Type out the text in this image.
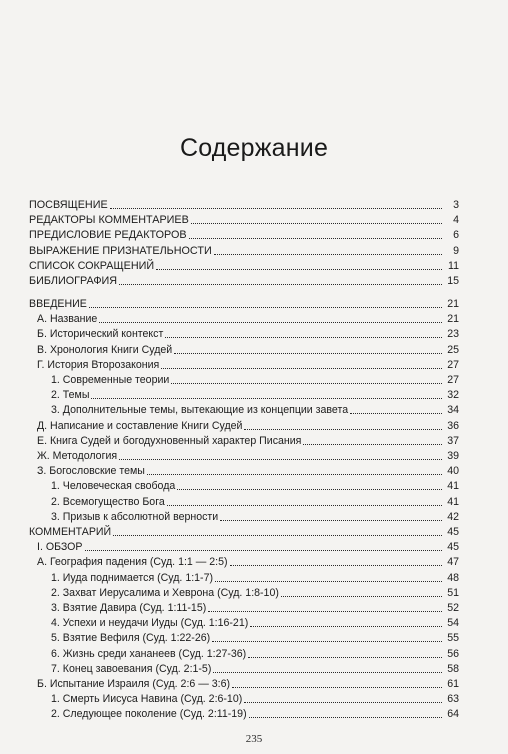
Содержание
ПОСВЯЩЕНИЕ	3
РЕДАКТОРЫ КОММЕНТАРИЕВ	4
ПРЕДИСЛОВИЕ РЕДАКТОРОВ	6
ВЫРАЖЕНИЕ ПРИЗНАТЕЛЬНОСТИ	9
СПИСОК СОКРАЩЕНИЙ	11
БИБЛИОГРАФИЯ	15
ВВЕДЕНИЕ	21
А. Название	21
Б. Исторический контекст	23
В. Хронология Книги Судей	25
Г. История Второзакония	27
1. Современные теории	27
2. Темы	32
3. Дополнительные темы, вытекающие из концепции завета	34
Д. Написание и составление Книги Судей	36
Е. Книга Судей и богодухновенный характер Писания	37
Ж. Методология	39
З. Богословские темы	40
1. Человеческая свобода	41
2. Всемогущество Бога	41
3. Призыв к абсолютной верности	42
КОММЕНТАРИЙ	45
I. ОБЗОР	45
А. География падения (Суд. 1:1 — 2:5)	47
1. Иуда поднимается (Суд. 1:1-7)	48
2. Захват Иерусалима и Хеврона (Суд. 1:8-10)	51
3. Взятие Давира (Суд. 1:11-15)	52
4. Успехи и неудачи Иуды (Суд. 1:16-21)	54
5. Взятие Вефиля (Суд. 1:22-26)	55
6. Жизнь среди хананеев (Суд. 1:27-36)	56
7. Конец завоевания (Суд. 2:1-5)	58
Б. Испытание Израиля (Суд. 2:6 — 3:6)	61
1. Смерть Иисуса Навина (Суд. 2:6-10)	63
2. Следующее поколение (Суд. 2:11-19)	64
235
